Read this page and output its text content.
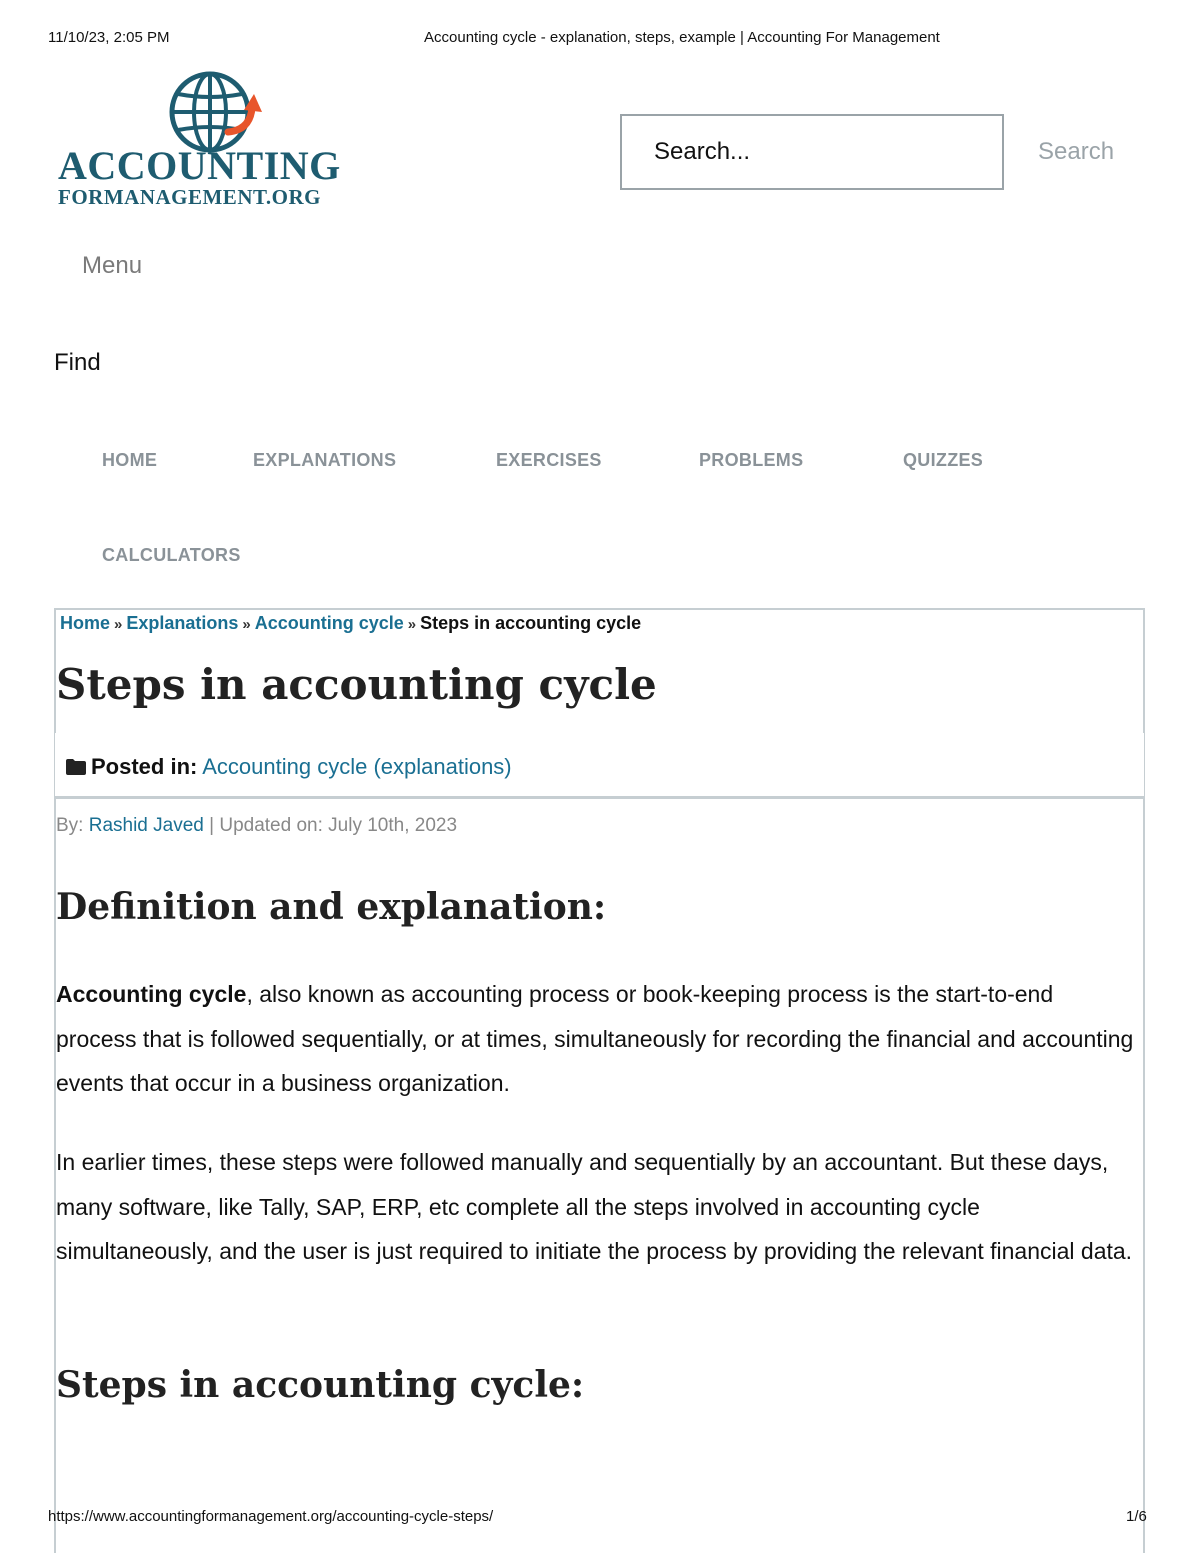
11/10/23, 2:05 PM	Accounting cycle - explanation, steps, example | Accounting For Management
ACCOUNTING
FORMANAGEMENT.ORG
Search...
Search
Menu
Find
HOME	EXPLANATIONS	EXERCISES	PROBLEMS	QUIZZES
CALCULATORS
Home » Explanations » Accounting cycle » Steps in accounting cycle
Steps in accounting cycle
Posted in: Accounting cycle (explanations)
By: Rashid Javed | Updated on: July 10th, 2023
Definition and explanation:

Accounting cycle, also known as accounting process or book-keeping process is the start-to-end process that is followed sequentially, or at times, simultaneously for recording the financial and accounting events that occur in a business organization.

In earlier times, these steps were followed manually and sequentially by an accountant. But these days, many software, like Tally, SAP, ERP, etc complete all the steps involved in accounting cycle simultaneously, and the user is just required to initiate the process by providing the relevant financial data.

Steps in accounting cycle:
https://www.accountingformanagement.org/accounting-cycle-steps/	1/6
